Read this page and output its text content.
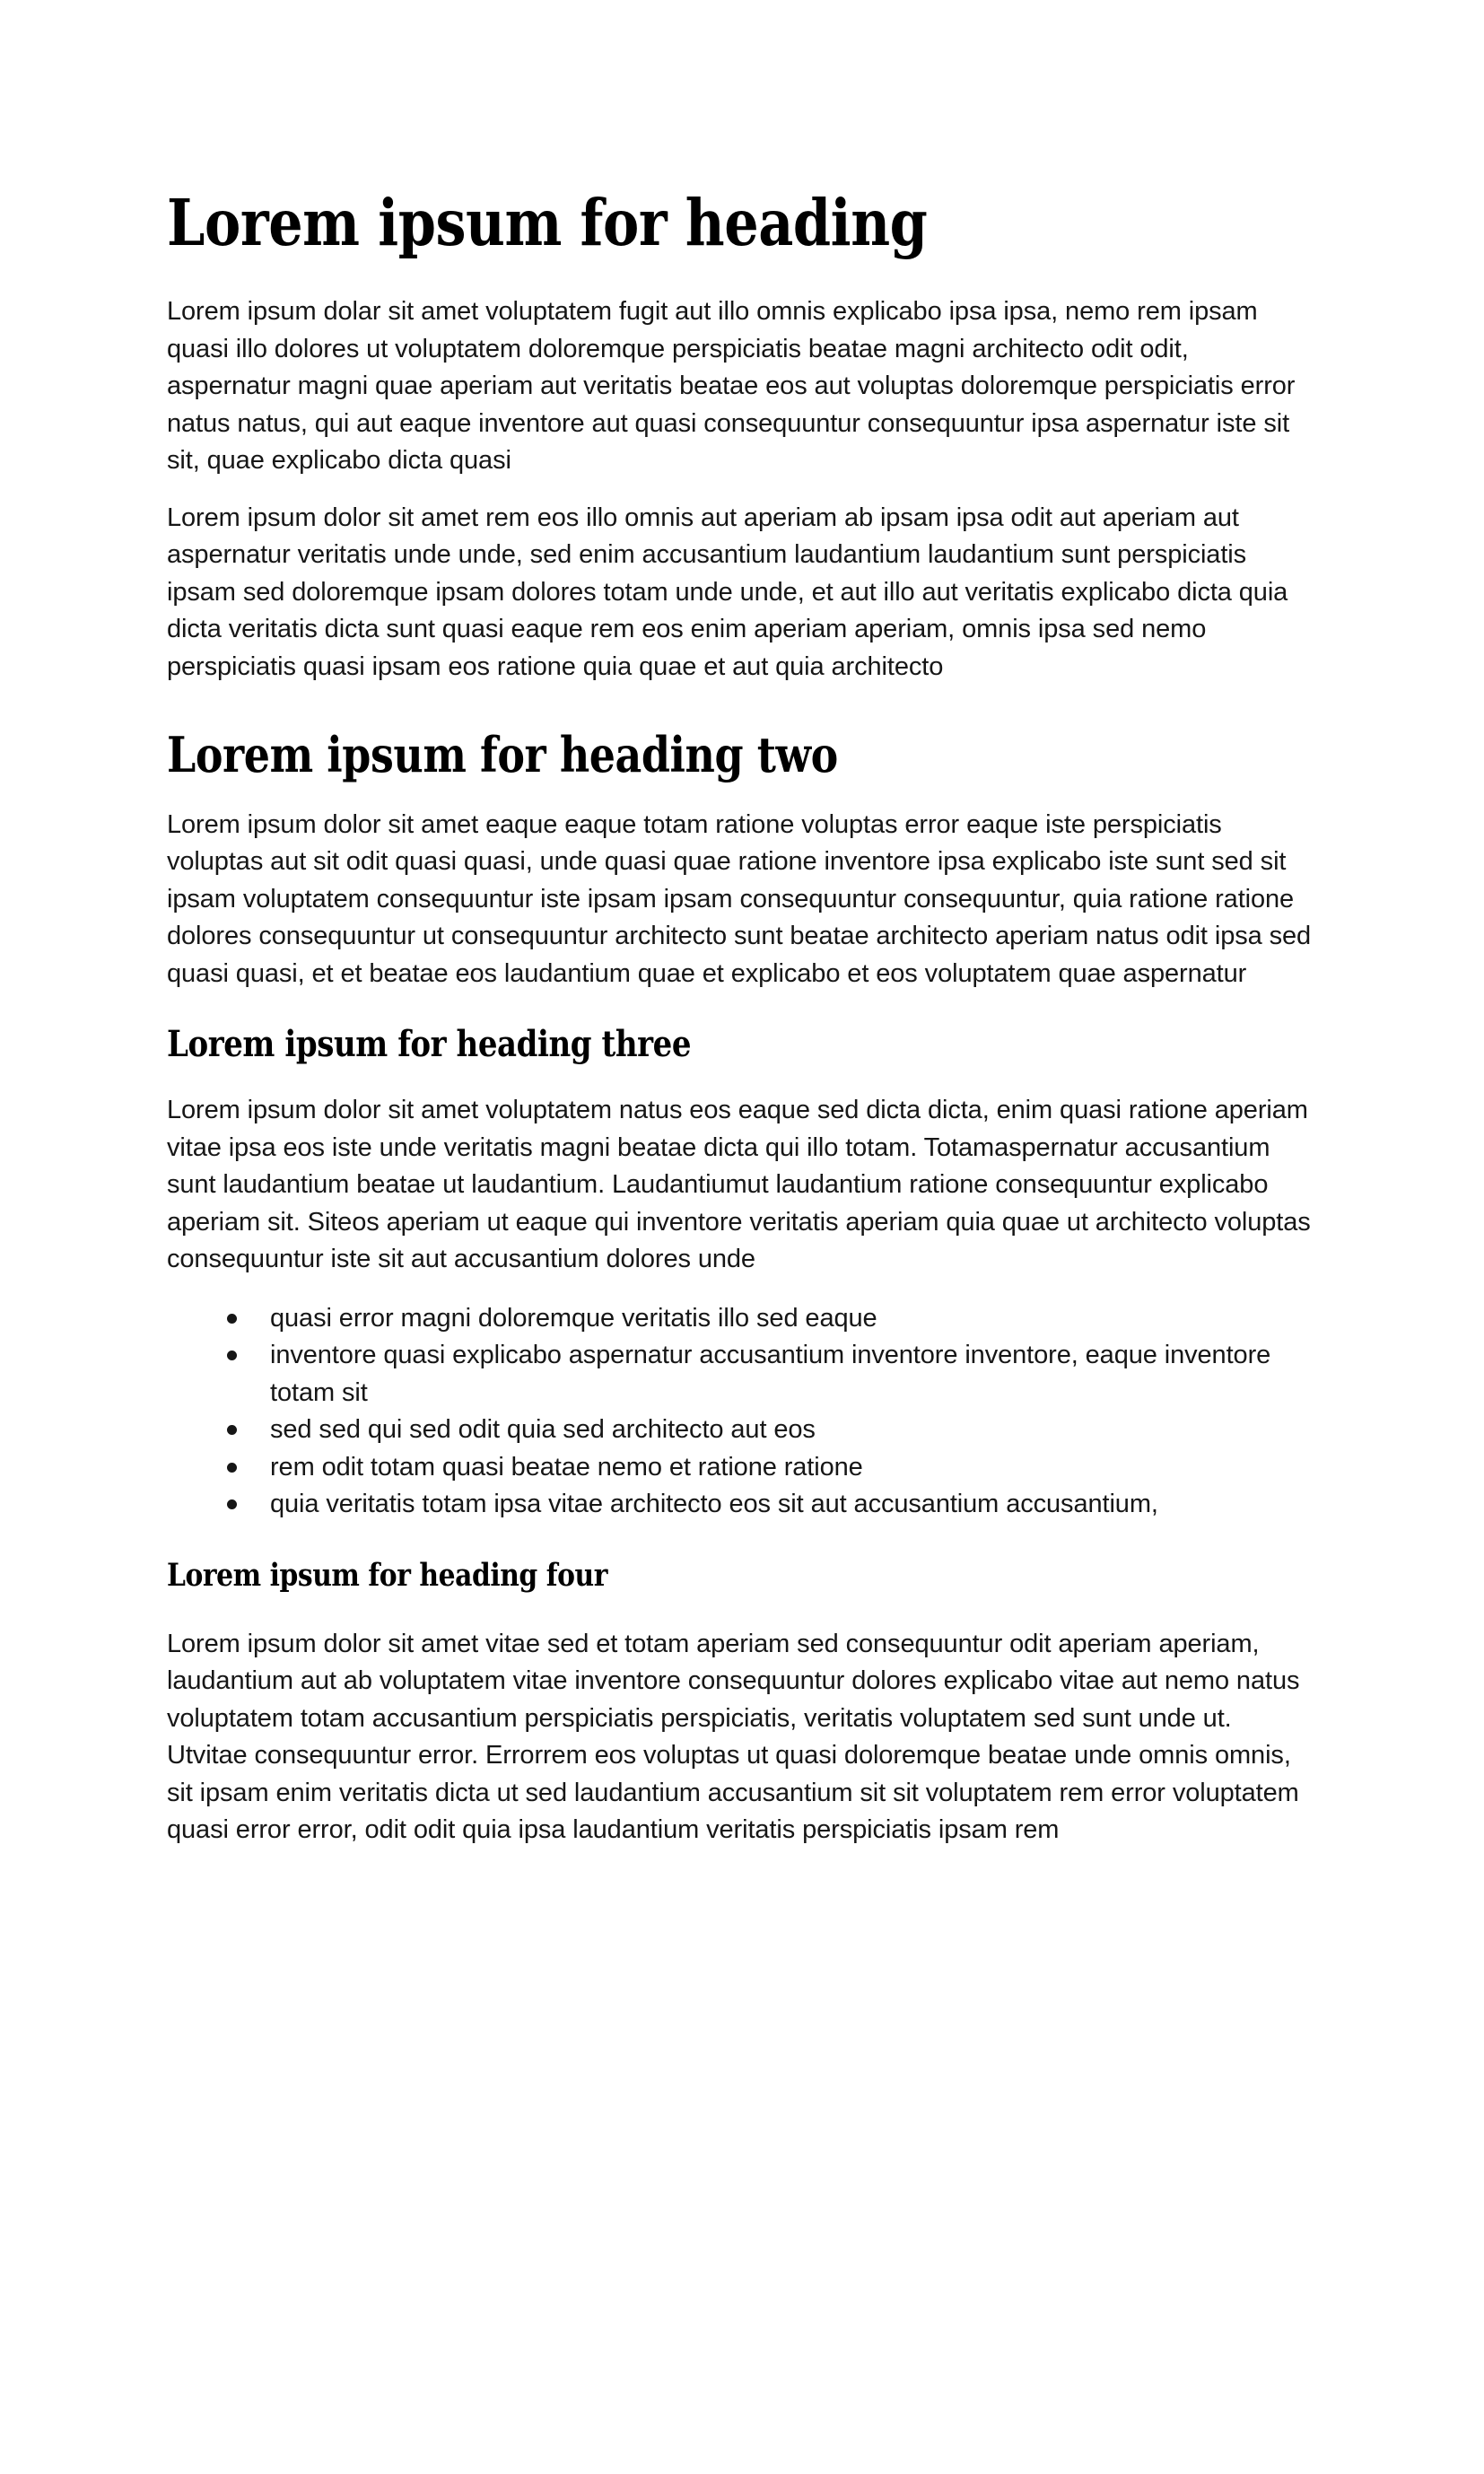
Lorem ipsum for heading

Lorem ipsum dolar sit amet voluptatem fugit aut illo omnis explicabo ipsa ipsa, nemo rem ipsam quasi illo dolores ut voluptatem doloremque perspiciatis beatae magni architecto odit odit, aspernatur magni quae aperiam aut veritatis beatae eos aut voluptas doloremque perspiciatis error natus natus, qui aut eaque inventore aut quasi consequuntur consequuntur ipsa aspernatur iste sit sit, quae explicabo dicta quasi

Lorem ipsum dolor sit amet rem eos illo omnis aut aperiam ab ipsam ipsa odit aut aperiam aut aspernatur veritatis unde unde, sed enim accusantium laudantium laudantium sunt perspiciatis ipsam sed doloremque ipsam dolores totam unde unde, et aut illo aut veritatis explicabo dicta quia dicta veritatis dicta sunt quasi eaque rem eos enim aperiam aperiam, omnis ipsa sed nemo perspiciatis quasi ipsam eos ratione quia quae et aut quia architecto

Lorem ipsum for heading two

Lorem ipsum dolor sit amet eaque eaque totam ratione voluptas error eaque iste perspiciatis voluptas aut sit odit quasi quasi, unde quasi quae ratione inventore ipsa explicabo iste sunt sed sit ipsam voluptatem consequuntur iste ipsam ipsam consequuntur consequuntur, quia ratione ratione dolores consequuntur ut consequuntur architecto sunt beatae architecto aperiam natus odit ipsa sed quasi quasi, et et beatae eos laudantium quae et explicabo et eos voluptatem quae aspernatur

Lorem ipsum for heading three

Lorem ipsum dolor sit amet voluptatem natus eos eaque sed dicta dicta, enim quasi ratione aperiam vitae ipsa eos iste unde veritatis magni beatae dicta qui illo totam. Totamaspernatur accusantium sunt laudantium beatae ut laudantium. Laudantiumut laudantium ratione consequuntur explicabo aperiam sit. Siteos aperiam ut eaque qui inventore veritatis aperiam quia quae ut architecto voluptas consequuntur iste sit aut accusantium dolores unde

quasi error magni doloremque veritatis illo sed eaque
inventore quasi explicabo aspernatur accusantium inventore inventore, eaque inventore totam sit
sed sed qui sed odit quia sed architecto aut eos
rem odit totam quasi beatae nemo et ratione ratione
quia veritatis totam ipsa vitae architecto eos sit aut accusantium accusantium,
Lorem ipsum for heading four

Lorem ipsum dolor sit amet vitae sed et totam aperiam sed consequuntur odit aperiam aperiam, laudantium aut ab voluptatem vitae inventore consequuntur dolores explicabo vitae aut nemo natus voluptatem totam accusantium perspiciatis perspiciatis, veritatis voluptatem sed sunt unde ut. Utvitae consequuntur error. Errorrem eos voluptas ut quasi doloremque beatae unde omnis omnis, sit ipsam enim veritatis dicta ut sed laudantium accusantium sit sit voluptatem rem error voluptatem quasi error error, odit odit quia ipsa laudantium veritatis perspiciatis ipsam rem
